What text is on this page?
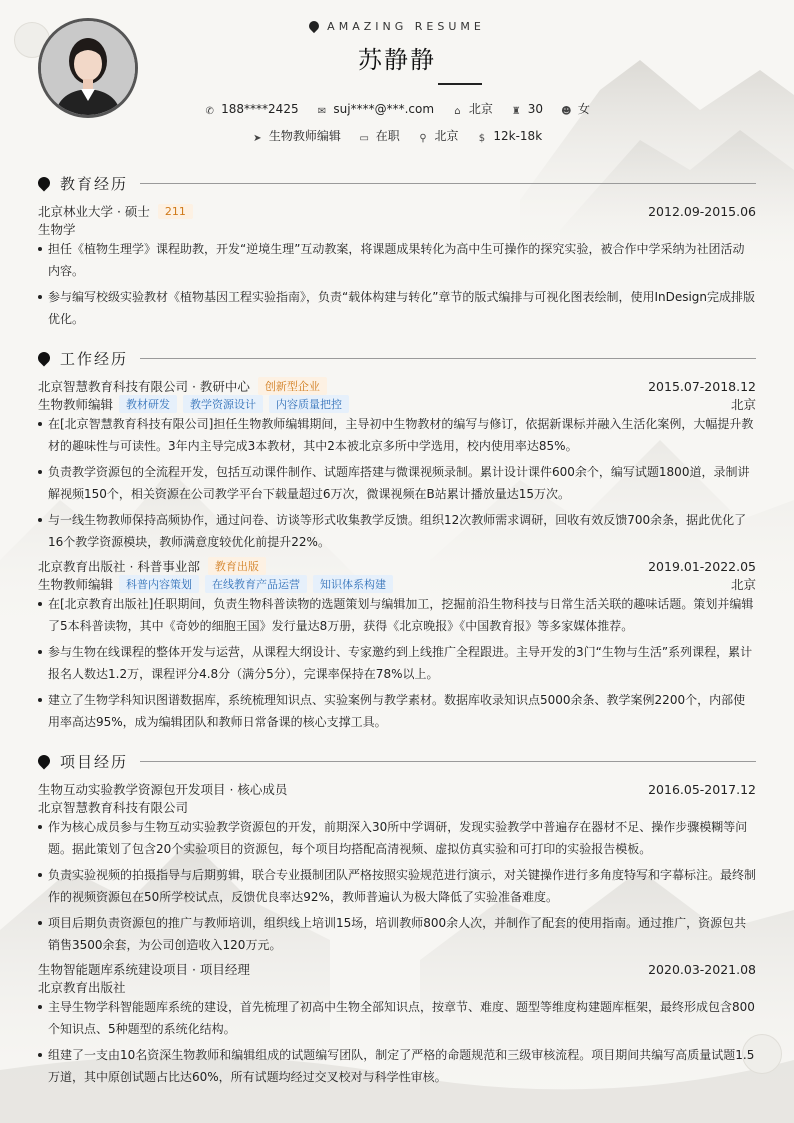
AMAZING RESUME
苏静静
✆ 188****2425 ✉ suj****@***.com ⌂ 北京 ♜ 30 ☻ 女
➤ 生物教师编辑 ▭ 在职 ⚲ 北京 $ 12k-18k
教育经历
北京林业大学 · 硕士	211	2012.09-2015.06
生物学
担任《植物生理学》课程助教，开发“逆境生理”互动教案，将课题成果转化为高中生可操作的探究实验，被合作中学采纳为社团活动内容。
参与编写校级实验教材《植物基因工程实验指南》，负责“载体构建与转化”章节的版式编排与可视化图表绘制，使用InDesign完成排版优化。
工作经历
北京智慧教育科技有限公司 · 教研中心	创新型企业	2015.07-2018.12
生物教师编辑	教材研发	教学资源设计	内容质量把控	北京
在[北京智慧教育科技有限公司]担任生物教师编辑期间，主导初中生物教材的编写与修订，依据新课标并融入生活化案例，大幅提升教材的趣味性与可读性。3年内主导完成3本教材，其中2本被北京多所中学选用，校内使用率达85%。
负责教学资源包的全流程开发，包括互动课件制作、试题库搭建与微课视频录制。累计设计课件600余个，编写试题1800道，录制讲解视频150个，相关资源在公司教学平台下载量超过6万次，微课视频在B站累计播放量达15万次。
与一线生物教师保持高频协作，通过问卷、访谈等形式收集教学反馈。组织12次教师需求调研，回收有效反馈700余条，据此优化了16个教学资源模块，教师满意度较优化前提升22%。
北京教育出版社 · 科普事业部	教育出版	2019.01-2022.05
生物教师编辑	科普内容策划	在线教育产品运营	知识体系构建	北京
在[北京教育出版社]任职期间，负责生物科普读物的选题策划与编辑加工，挖掘前沿生物科技与日常生活关联的趣味话题。策划并编辑了5本科普读物，其中《奇妙的细胞王国》发行量达8万册，获得《北京晚报》《中国教育报》等多家媒体推荐。
参与生物在线课程的整体开发与运营，从课程大纲设计、专家邀约到上线推广全程跟进。主导开发的3门“生物与生活”系列课程，累计报名人数达1.2万，课程评分4.8分（满分5分），完课率保持在78%以上。
建立了生物学科知识图谱数据库，系统梳理知识点、实验案例与教学素材。数据库收录知识点5000余条、教学案例2200个，内部使用率高达95%，成为编辑团队和教师日常备课的核心支撑工具。
项目经历
生物互动实验教学资源包开发项目 · 核心成员	2016.05-2017.12
北京智慧教育科技有限公司
作为核心成员参与生物互动实验教学资源包的开发，前期深入30所中学调研，发现实验教学中普遍存在器材不足、操作步骤模糊等问题。据此策划了包含20个实验项目的资源包，每个项目均搭配高清视频、虚拟仿真实验和可打印的实验报告模板。
负责实验视频的拍摄指导与后期剪辑，联合专业摄制团队严格按照实验规范进行演示，对关键操作进行多角度特写和字幕标注。最终制作的视频资源包在50所学校试点，反馈优良率达92%，教师普遍认为极大降低了实验准备难度。
项目后期负责资源包的推广与教师培训，组织线上培训15场，培训教师800余人次，并制作了配套的使用指南。通过推广，资源包共销售3500余套，为公司创造收入120万元。
生物智能题库系统建设项目 · 项目经理	2020.03-2021.08
北京教育出版社
主导生物学科智能题库系统的建设，首先梳理了初高中生物全部知识点，按章节、难度、题型等维度构建题库框架，最终形成包含800个知识点、5种题型的系统化结构。
组建了一支由10名资深生物教师和编辑组成的试题编写团队，制定了严格的命题规范和三级审核流程。项目期间共编写高质量试题1.5万道，其中原创试题占比达60%，所有试题均经过交叉校对与科学性审核。
